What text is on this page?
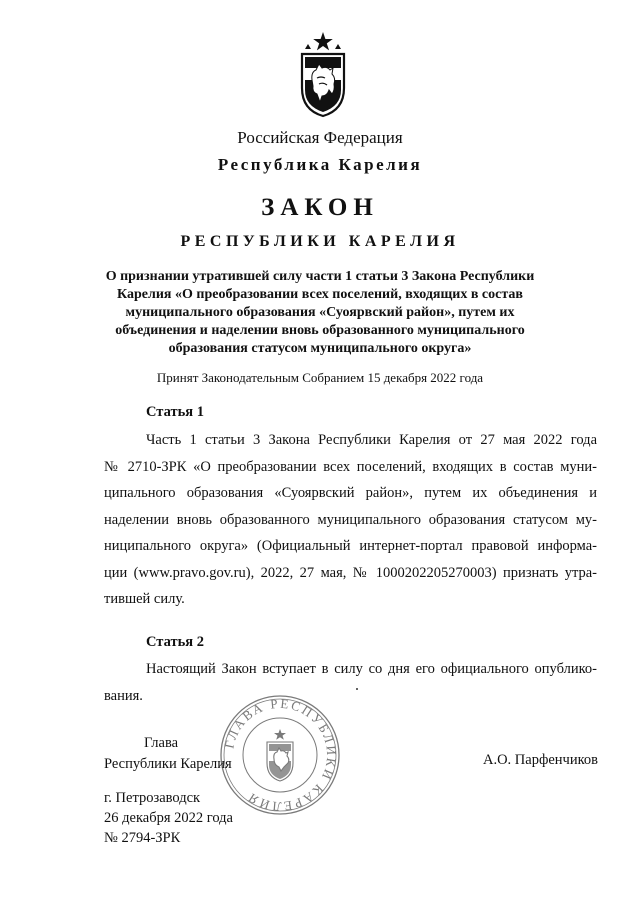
Российская Федерация
Республика Карелия
ЗАКОН
РЕСПУБЛИКИ КАРЕЛИЯ
О признании утратившей силу части 1 статьи 3 Закона Республики
Карелия «О преобразовании всех поселений, входящих в состав
муниципального образования «Суоярвский район», путем их
объединения и наделении вновь образованного муниципального
образования статусом муниципального округа»
Принят Законодательным Собранием 15 декабря 2022 года
Статья 1
Часть 1 статьи 3 Закона Республики Карелия от 27 мая 2022 года
№ 2710-ЗРК «О преобразовании всех поселений, входящих в состав муни-
ципального образования «Суоярвский район», путем их объединения и
наделении вновь образованного муниципального образования статусом му-
ниципального округа» (Официальный интернет-портал правовой информа-
ции (www.pravo.gov.ru), 2022, 27 мая, № 1000202205270003) признать утра-
тившей силу.
Статья 2
Настоящий Закон вступает в силу со дня его официального опублико-
вания.
ГЛАВА РЕСПУБЛИКИ КАРЕЛИЯ
Глава
Республики Карелия	А.О. Парфенчиков
г. Петрозаводск
26 декабря 2022 года
№ 2794-ЗРК
